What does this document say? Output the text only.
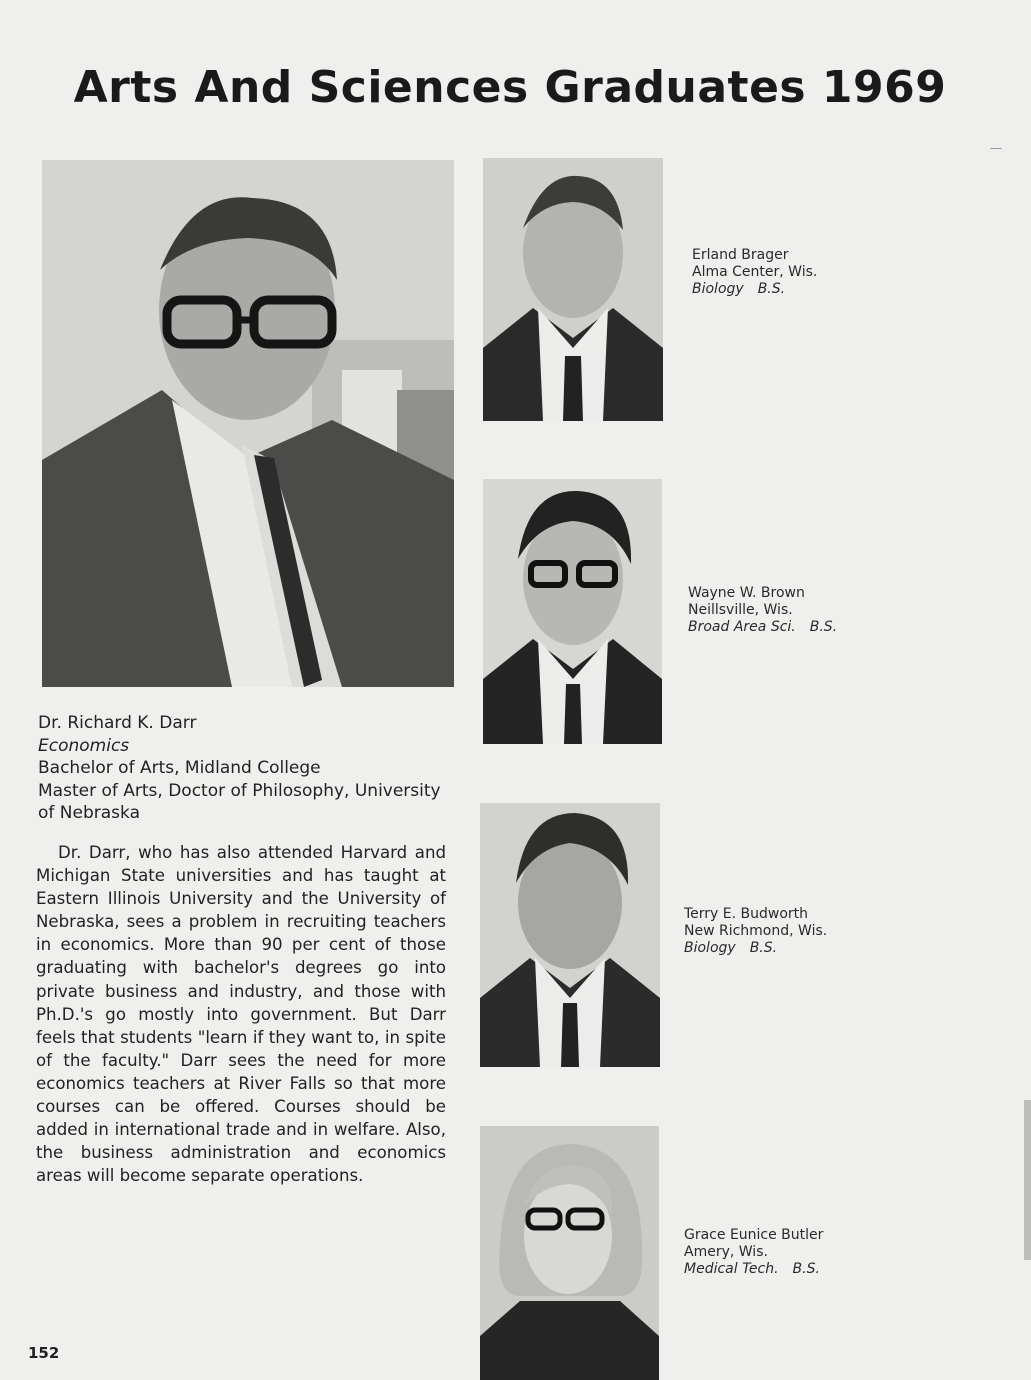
Arts And Sciences Graduates 1969
Erland Brager
Alma Center, Wis.
Biology B.S.
Wayne W. Brown
Neillsville, Wis.
Broad Area Sci. B.S.
Terry E. Budworth
New Richmond, Wis.
Biology B.S.
Grace Eunice Butler
Amery, Wis.
Medical Tech. B.S.
Dr. Richard K. Darr
Economics
Bachelor of Arts, Midland College
Master of Arts, Doctor of Philosophy, University of Nebraska

Dr. Darr, who has also attended Harvard and Michigan State universities and has taught at Eastern Illinois University and the University of Nebraska, sees a problem in recruiting teachers in economics. More than 90 per cent of those graduating with bachelor's degrees go into private business and industry, and those with Ph.D.'s go mostly into government. But Darr feels that students "learn if they want to, in spite of the faculty." Darr sees the need for more economics teachers at River Falls so that more courses can be offered. Courses should be added in international trade and in welfare. Also, the business administration and economics areas will become separate operations.

152
